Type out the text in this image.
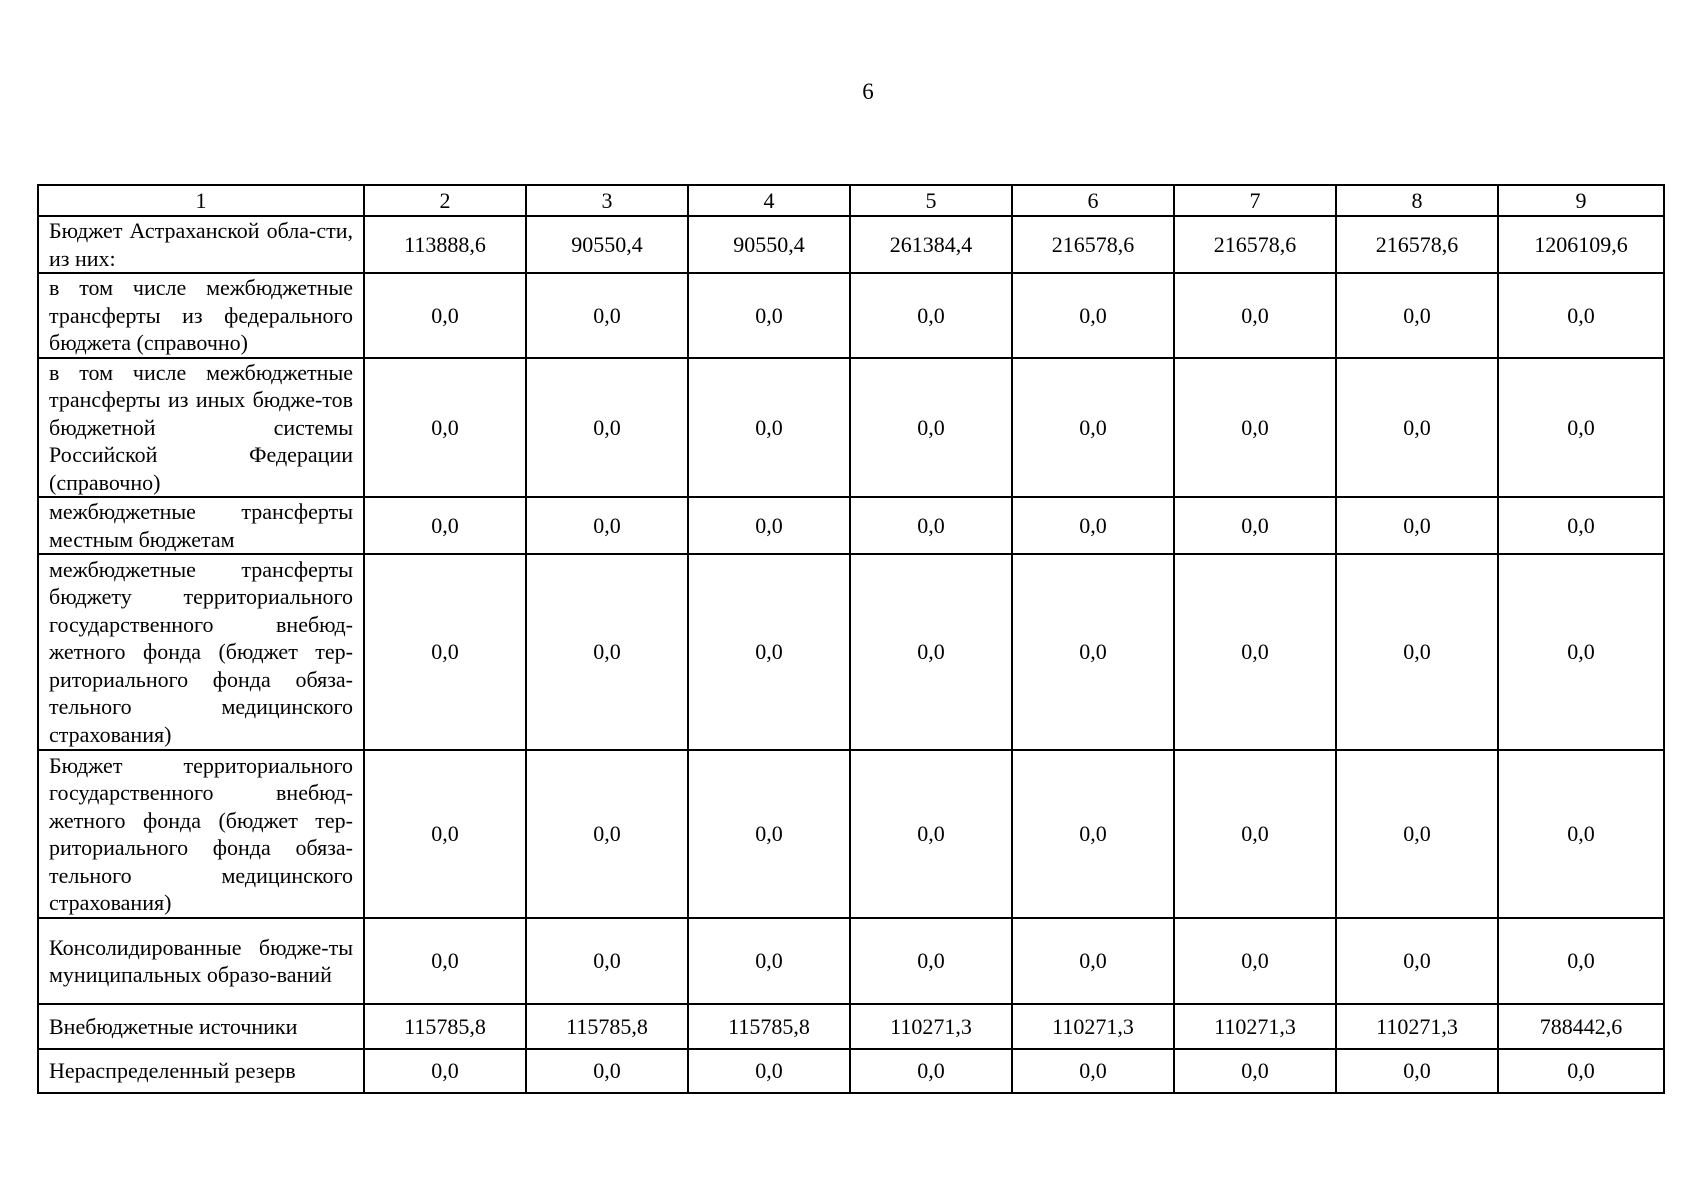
6
1	2	3	4	5	6	7	8	9
Бюджет Астраханской обла-сти, из них:	113888,6	90550,4	90550,4	261384,4	216578,6	216578,6	216578,6	1206109,6
в том числе межбюджетные трансферты из федерального бюджета (справочно)	0,0	0,0	0,0	0,0	0,0	0,0	0,0	0,0
в том числе межбюджетные трансферты из иных бюдже-тов бюджетной системы Российской Федерации (справочно)	0,0	0,0	0,0	0,0	0,0	0,0	0,0	0,0
межбюджетные трансферты местным бюджетам	0,0	0,0	0,0	0,0	0,0	0,0	0,0	0,0
межбюджетные трансферты бюджету территориального государственного внебюд-жетного фонда (бюджет тер-риториального фонда обяза-тельного медицинского страхования)	0,0	0,0	0,0	0,0	0,0	0,0	0,0	0,0
Бюджет территориального государственного внебюд-жетного фонда (бюджет тер-риториального фонда обяза-тельного медицинского страхования)	0,0	0,0	0,0	0,0	0,0	0,0	0,0	0,0
Консолидированные бюдже-ты муниципальных образо-ваний	0,0	0,0	0,0	0,0	0,0	0,0	0,0	0,0
Внебюджетные источники	115785,8	115785,8	115785,8	110271,3	110271,3	110271,3	110271,3	788442,6
Нераспределенный резерв	0,0	0,0	0,0	0,0	0,0	0,0	0,0	0,0
